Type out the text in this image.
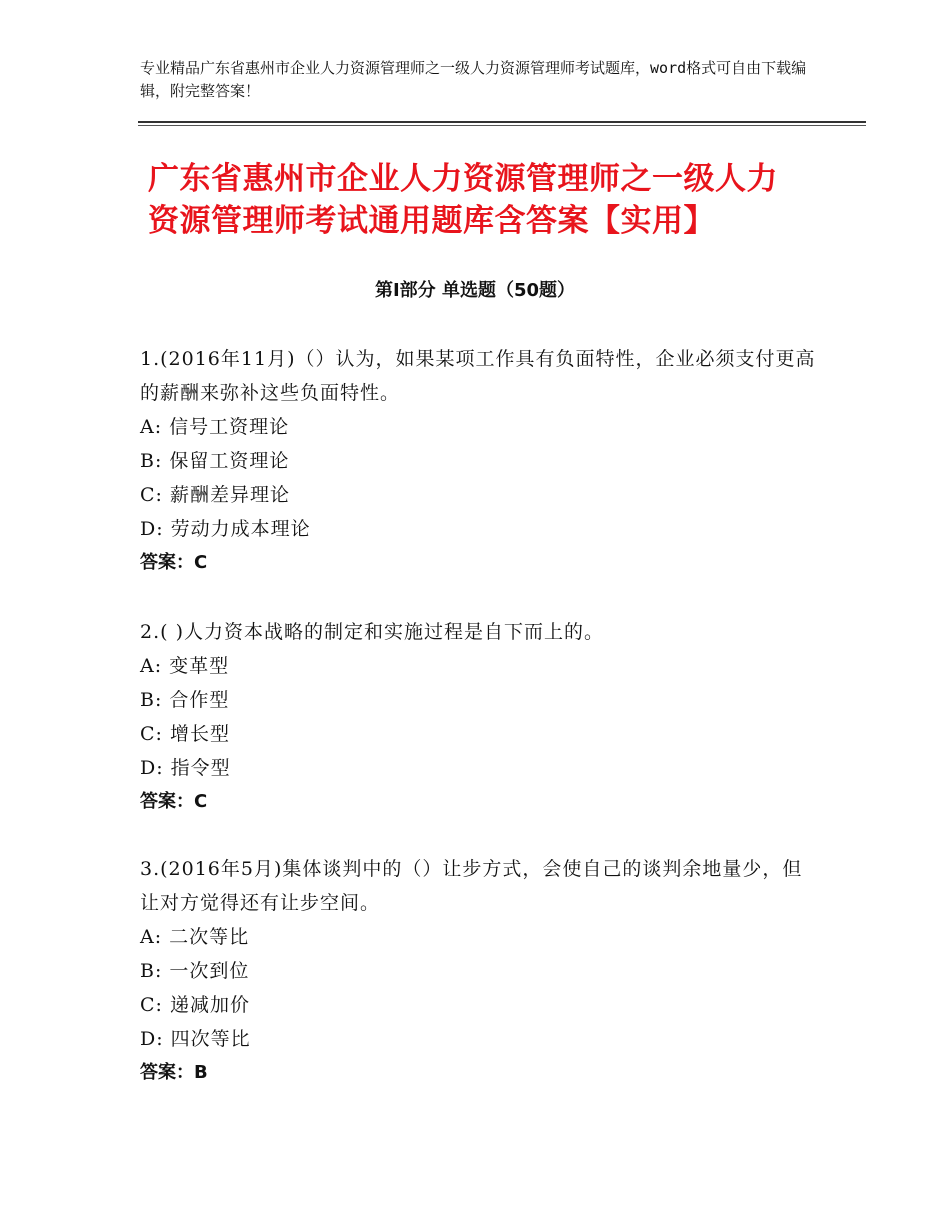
专业精品广东省惠州市企业人力资源管理师之一级人力资源管理师考试题库，word格式可自由下载编辑，附完整答案！
广东省惠州市企业人力资源管理师之一级人力资源管理师考试通用题库含答案【实用】
第Ⅰ部分 单选题（50题）
1.(2016年11月)（）认为，如果某项工作具有负面特性，企业必须支付更高的薪酬来弥补这些负面特性。
A: 信号工资理论
B: 保留工资理论
C: 薪酬差异理论
D: 劳动力成本理论
答案：C
2.( )人力资本战略的制定和实施过程是自下而上的。
A: 变革型
B: 合作型
C: 增长型
D: 指令型
答案：C
3.(2016年5月)集体谈判中的（）让步方式，会使自己的谈判余地量少，但让对方觉得还有让步空间。
A: 二次等比
B: 一次到位
C: 递减加价
D: 四次等比
答案：B
